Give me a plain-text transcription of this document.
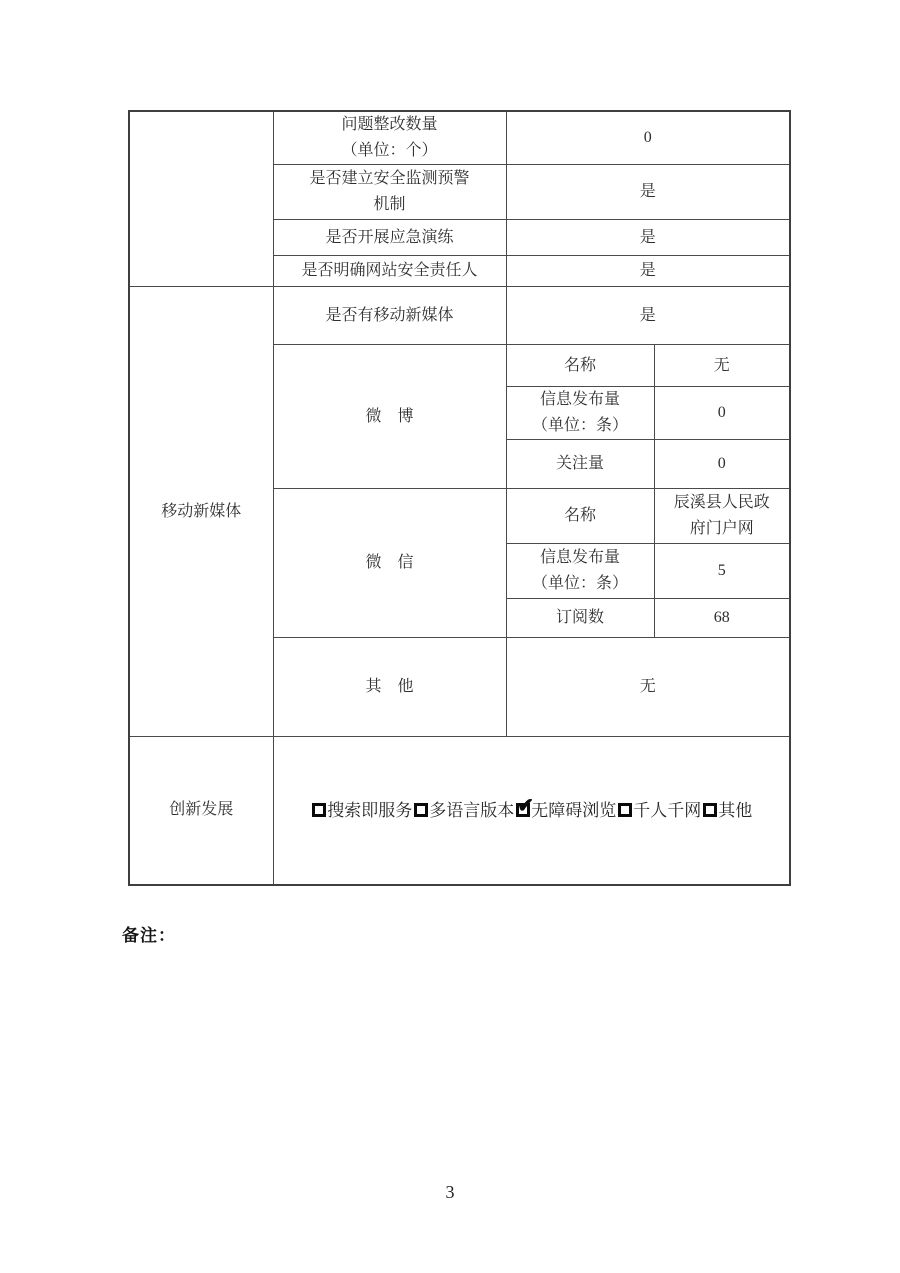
	问题整改数量
（单位：个）	0	

	是否建立安全监测预警
机制	是	
	是否开展应急演练	是	
	是否明确网站安全责任人	是	
移动新媒体	是否有移动新媒体	是	
	微　博	名称	无

		信息发布量
（单位：条）	0
		关注量	0
	微　信	名称	辰溪县人民政
府门户网

		信息发布量
（单位：条）	5
		订阅数	68
	其　他	无	
创新发展	搜索即服务 多语言版本 ✔ 无障碍浏览 千人千网 其他
备注：
3
